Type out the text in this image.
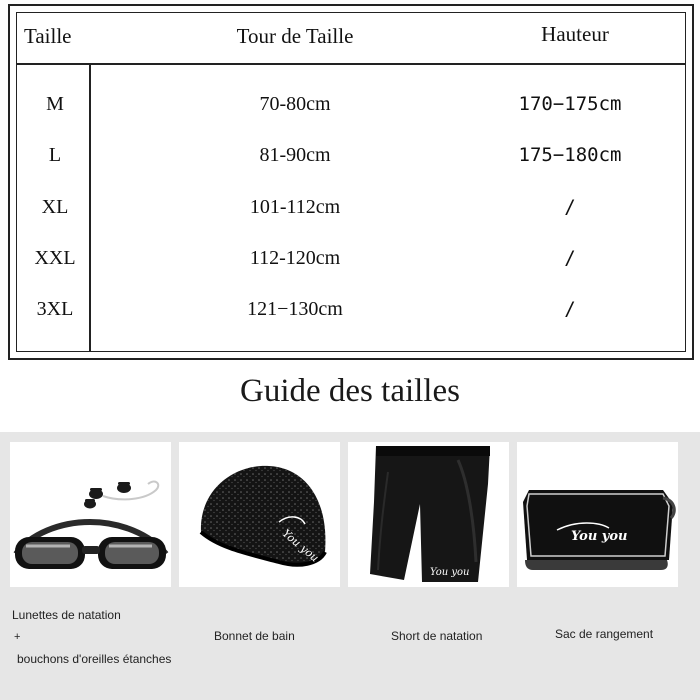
Taille	Tour de Taille	Hauteur
M	70-80cm	170−175cm
L	81-90cm	175−180cm
XL	101-112cm	/
XXL	112-120cm	/
3XL	121−130cm	/
Guide des tailles
You you
You you
You you
Lunettes de natation
+
bouchons d'oreilles étanches
Bonnet de bain	Short de natation	Sac de rangement
